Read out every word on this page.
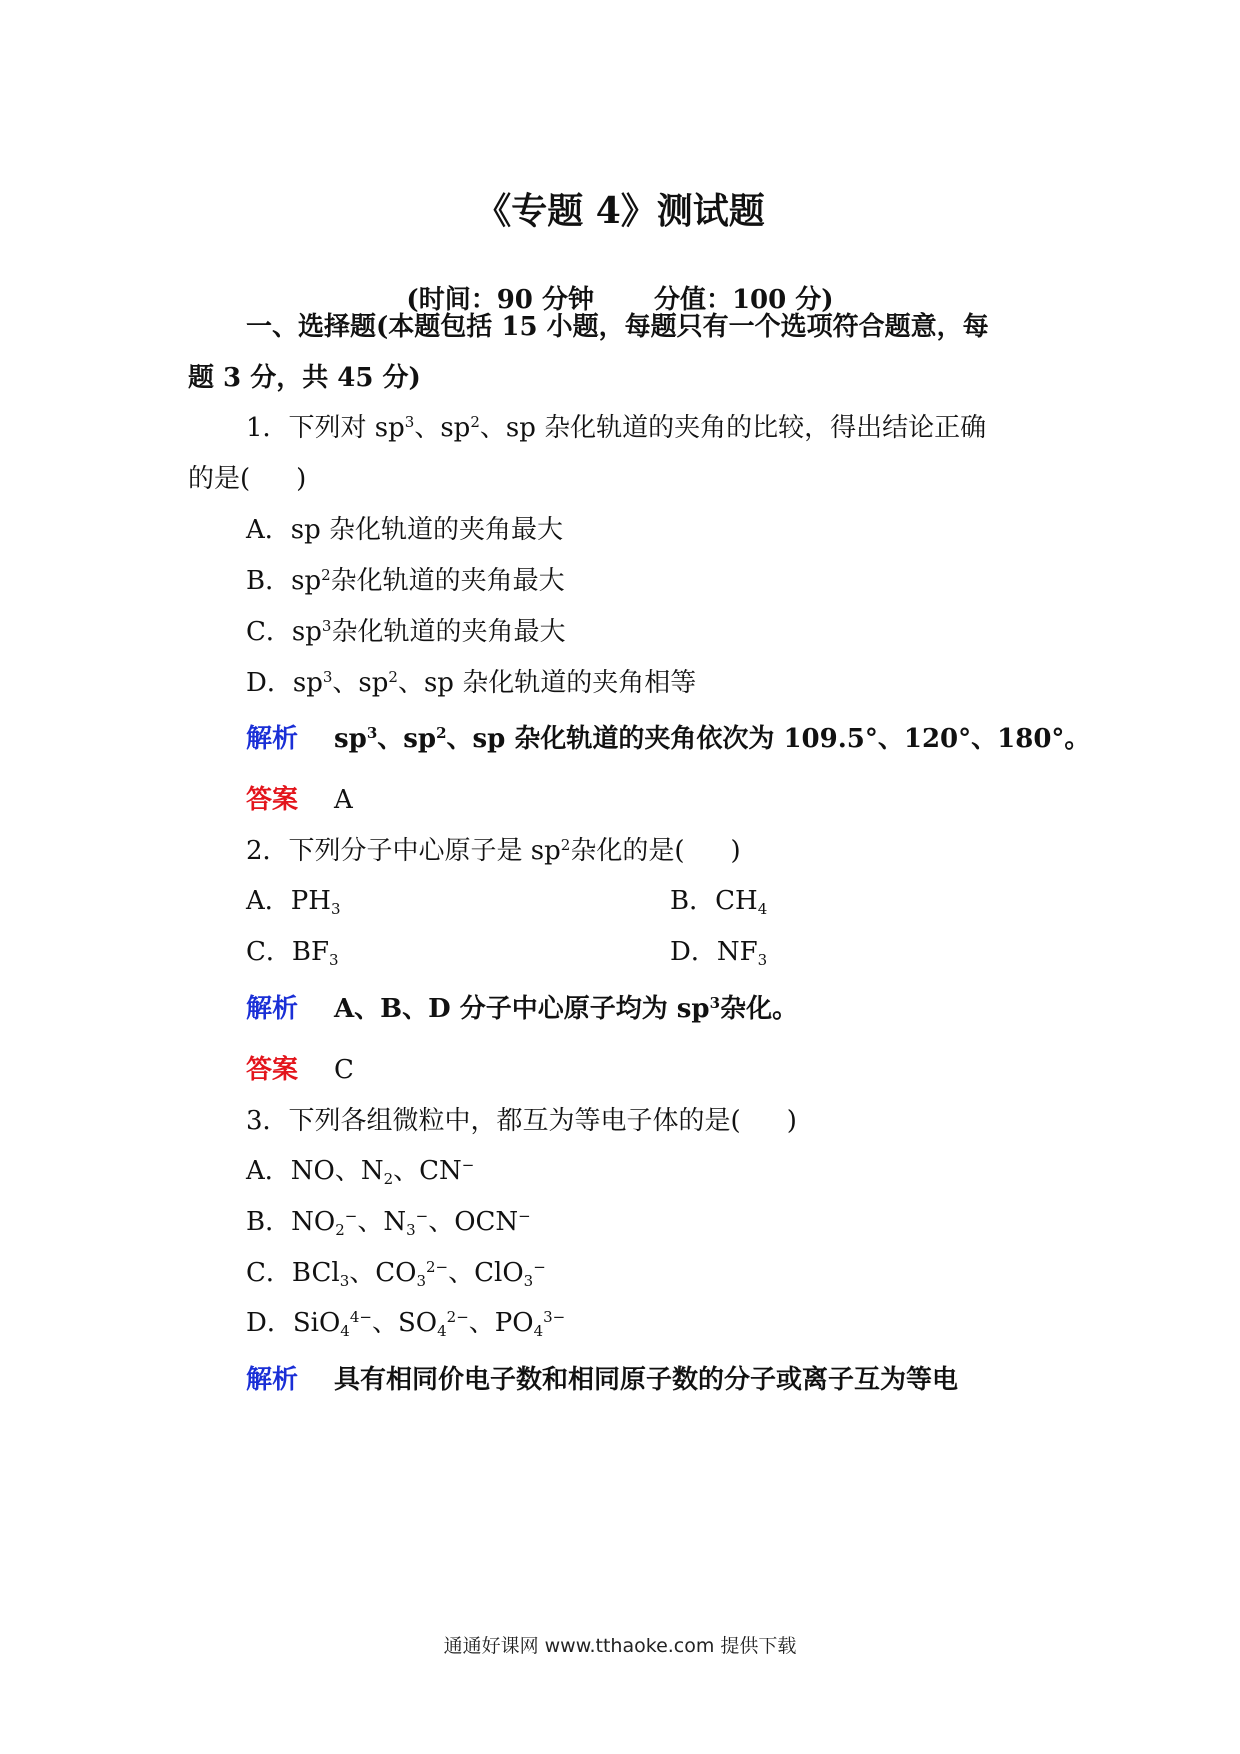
《专题 4》测试题
(时间：90 分钟 分值：100 分)
一、选择题(本题包括 15 小题，每题只有一个选项符合题意，每
题 3 分，共 45 分)
1．下列对 $sp^3$、$sp^2$、sp 杂化轨道的夹角的比较，得出结论正确
的是( )
A．sp 杂化轨道的夹角最大
B．$sp^2$杂化轨道的夹角最大
C．$sp^3$杂化轨道的夹角最大
D．$sp^3$、$sp^2$、sp 杂化轨道的夹角相等
解析 $sp^3$、$sp^2$、sp 杂化轨道的夹角依次为 109.5°、120°、180°。
答案 A
2．下列分子中心原子是 $sp^2$杂化的是( )
A．$PH_3$	B．$CH_4$
C．$BF_3$	D．$NF_3$
解析 A、B、D 分子中心原子均为 $sp^3$杂化。
答案 C
3．下列各组微粒中，都互为等电子体的是( )
A．NO、$N_2$、CN−
B．$NO_2^-$、$N_3^-$、OCN−
C．BCl$_3$、$CO_3^{2-}$、ClO$_3$−
D．SiO$_4^{4-}$、$SO_4^{2-}$、$PO_4^{3-}$
解析 具有相同价电子数和相同原子数的分子或离子互为等电
通通好课网 www.tthaoke.com 提供下载
